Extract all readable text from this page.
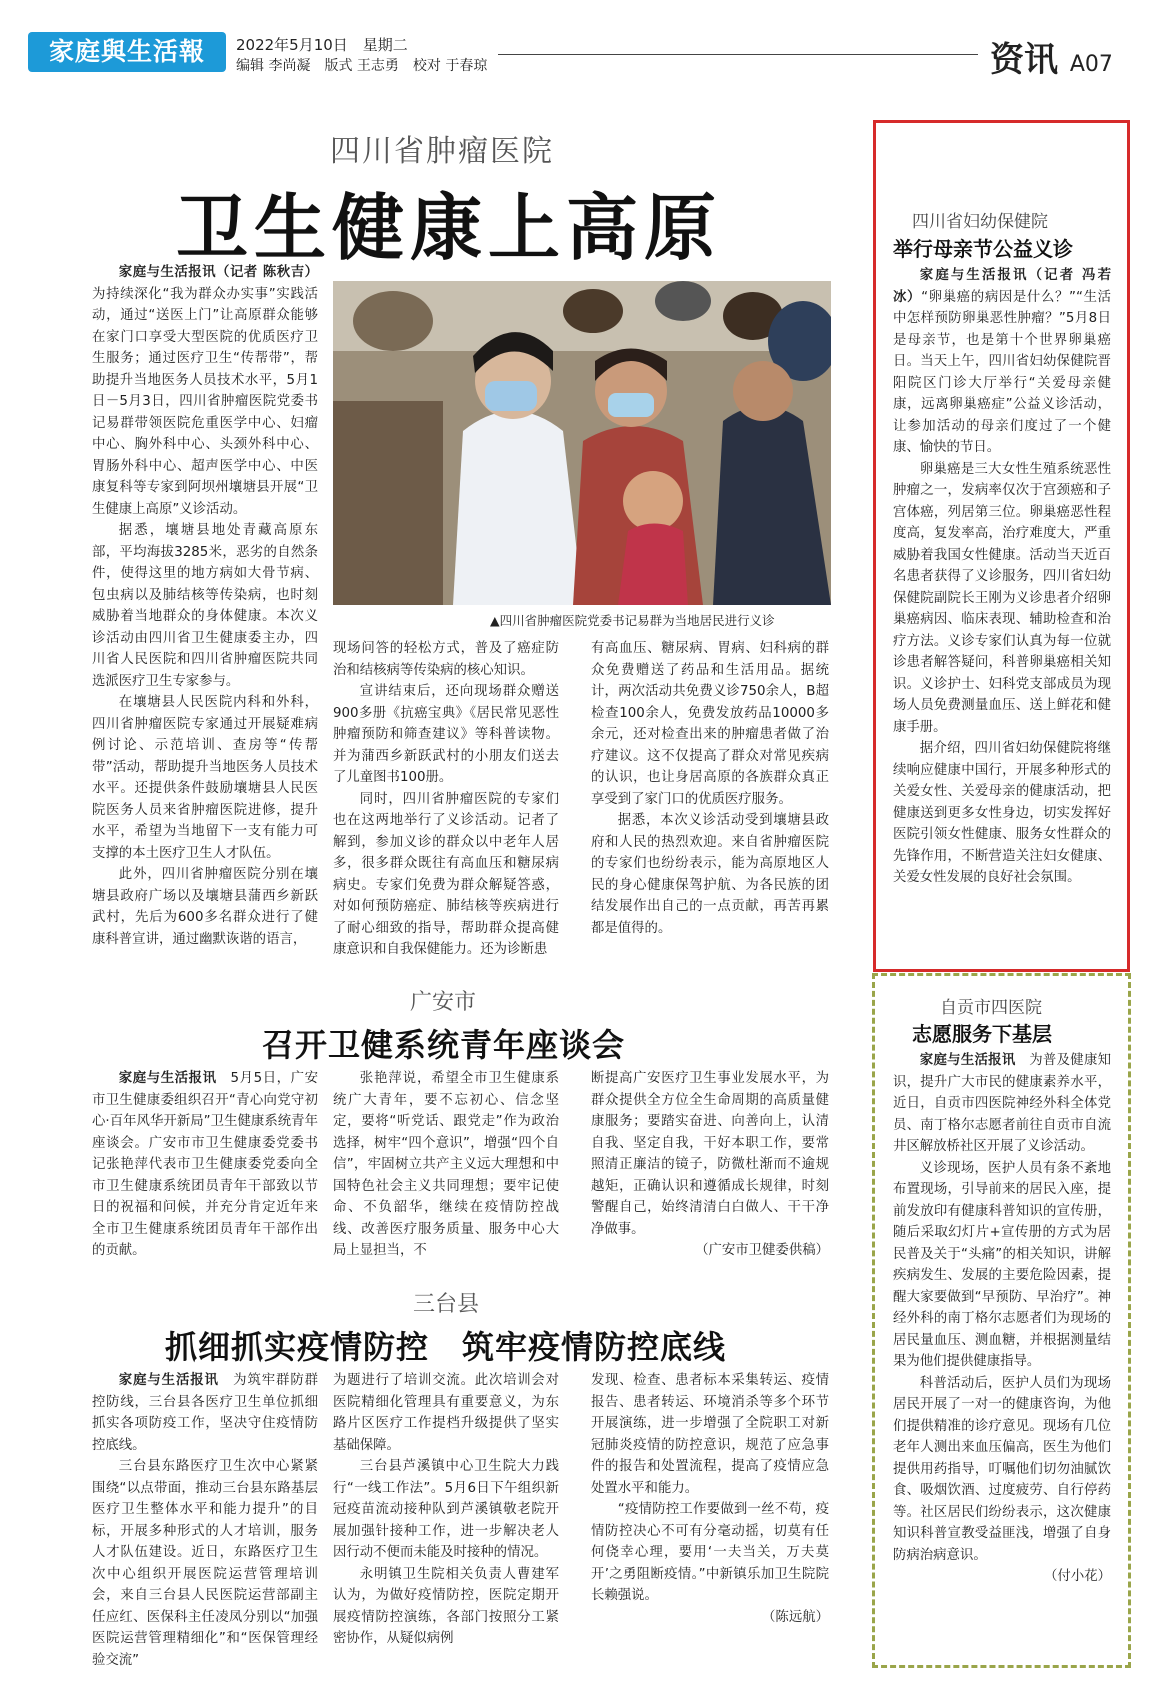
家庭與生活報	2022年5月10日　星期二
编辑 李尚凝　版式 王志勇　校对 于春琼	资讯 A07
四川省肿瘤医院
卫生健康上高原

家庭与生活报讯（记者 陈秋吉）为持续深化“我为群众办实事”实践活动，通过“送医上门”让高原群众能够在家门口享受大型医院的优质医疗卫生服务；通过医疗卫生“传帮带”，帮助提升当地医务人员技术水平，5月1日－5月3日，四川省肿瘤医院党委书记易群带领医院危重医学中心、妇瘤中心、胸外科中心、头颈外科中心、胃肠外科中心、超声医学中心、中医康复科等专家到阿坝州壤塘县开展“卫生健康上高原”义诊活动。

据悉，壤塘县地处青藏高原东部，平均海拔3285米，恶劣的自然条件，使得这里的地方病如大骨节病、包虫病以及肺结核等传染病，也时刻威胁着当地群众的身体健康。本次义诊活动由四川省卫生健康委主办，四川省人民医院和四川省肿瘤医院共同选派医疗卫生专家参与。

在壤塘县人民医院内科和外科，四川省肿瘤医院专家通过开展疑难病例讨论、示范培训、查房等“传帮带”活动，帮助提升当地医务人员技术水平。还提供条件鼓励壤塘县人民医院医务人员来省肿瘤医院进修，提升水平，希望为当地留下一支有能力可支撑的本土医疗卫生人才队伍。

此外，四川省肿瘤医院分别在壤塘县政府广场以及壤塘县蒲西乡新跃武村，先后为600多名群众进行了健康科普宣讲，通过幽默诙谐的语言，

▲四川省肿瘤医院党委书记易群为当地居民进行义诊

现场问答的轻松方式，普及了癌症防治和结核病等传染病的核心知识。

宣讲结束后，还向现场群众赠送900多册《抗癌宝典》《居民常见恶性肿瘤预防和筛查建议》等科普读物。并为蒲西乡新跃武村的小朋友们送去了儿童图书100册。

同时，四川省肿瘤医院的专家们也在这两地举行了义诊活动。记者了解到，参加义诊的群众以中老年人居多，很多群众既往有高血压和糖尿病病史。专家们免费为群众解疑答惑，对如何预防癌症、肺结核等疾病进行了耐心细致的指导，帮助群众提高健康意识和自我保健能力。还为诊断患

有高血压、糖尿病、胃病、妇科病的群众免费赠送了药品和生活用品。据统计，两次活动共免费义诊750余人，B超检查100余人，免费发放药品10000多余元，还对检查出来的肿瘤患者做了治疗建议。这不仅提高了群众对常见疾病的认识，也让身居高原的各族群众真正享受到了家门口的优质医疗服务。

据悉，本次义诊活动受到壤塘县政府和人民的热烈欢迎。来自省肿瘤医院的专家们也纷纷表示，能为高原地区人民的身心健康保驾护航、为各民族的团结发展作出自己的一点贡献，再苦再累都是值得的。

四川省妇幼保健院
举行母亲节公益义诊

家庭与生活报讯（记者 冯若冰）“卵巢癌的病因是什么？”“生活中怎样预防卵巢恶性肿瘤？”5月8日是母亲节，也是第十个世界卵巢癌日。当天上午，四川省妇幼保健院晋阳院区门诊大厅举行“关爱母亲健康，远离卵巢癌症”公益义诊活动，让参加活动的母亲们度过了一个健康、愉快的节日。

卵巢癌是三大女性生殖系统恶性肿瘤之一，发病率仅次于宫颈癌和子宫体癌，列居第三位。卵巢癌恶性程度高，复发率高，治疗难度大，严重威胁着我国女性健康。活动当天近百名患者获得了义诊服务，四川省妇幼保健院副院长王刚为义诊患者介绍卵巢癌病因、临床表现、辅助检查和治疗方法。义诊专家们认真为每一位就诊患者解答疑问，科普卵巢癌相关知识。义诊护士、妇科党支部成员为现场人员免费测量血压、送上鲜花和健康手册。

据介绍，四川省妇幼保健院将继续响应健康中国行，开展多种形式的关爱女性、关爱母亲的健康活动，把健康送到更多女性身边，切实发挥好医院引领女性健康、服务女性群众的先锋作用，不断营造关注妇女健康、关爱女性发展的良好社会氛围。

自贡市四医院
志愿服务下基层

家庭与生活报讯　 为普及健康知识，提升广大市民的健康素养水平，近日，自贡市四医院神经外科全体党员、南丁格尔志愿者前往自贡市自流井区解放桥社区开展了义诊活动。

义诊现场，医护人员有条不紊地布置现场，引导前来的居民入座，提前发放印有健康科普知识的宣传册，随后采取幻灯片+宣传册的方式为居民普及关于“头痛”的相关知识，讲解疾病发生、发展的主要危险因素，提醒大家要做到“早预防、早治疗”。神经外科的南丁格尔志愿者们为现场的居民量血压、测血糖，并根据测量结果为他们提供健康指导。

科普活动后，医护人员们为现场居民开展了一对一的健康咨询，为他们提供精准的诊疗意见。现场有几位老年人测出来血压偏高，医生为他们提供用药指导，叮嘱他们切勿油腻饮食、吸烟饮酒、过度疲劳、自行停药等。社区居民们纷纷表示，这次健康知识科普宣教受益匪浅，增强了自身防病治病意识。

（付小花）
广安市
召开卫健系统青年座谈会

家庭与生活报讯　 5月5日，广安市卫生健康委组织召开“青心向党守初心·百年风华开新局”卫生健康系统青年座谈会。广安市市卫生健康委党委书记张艳萍代表市卫生健康委党委向全市卫生健康系统团员青年干部致以节日的祝福和问候，并充分肯定近年来全市卫生健康系统团员青年干部作出的贡献。

张艳萍说，希望全市卫生健康系统广大青年，要不忘初心、信念坚定，要将“听党话、跟党走”作为政治选择，树牢“四个意识”，增强“四个自信”，牢固树立共产主义远大理想和中国特色社会主义共同理想；要牢记使命、不负韶华，继续在疫情防控战线、改善医疗服务质量、服务中心大局上显担当，不

断提高广安医疗卫生事业发展水平，为群众提供全方位全生命周期的高质量健康服务；要踏实奋进、向善向上，认清自我、坚定自我，干好本职工作，要常照清正廉洁的镜子，防微杜渐而不逾规越矩，正确认识和遵循成长规律，时刻警醒自己，始终清清白白做人、干干净净做事。

（广安市卫健委供稿）
三台县
抓细抓实疫情防控　筑牢疫情防控底线

家庭与生活报讯　 为筑牢群防群控防线，三台县各医疗卫生单位抓细抓实各项防疫工作，坚决守住疫情防控底线。

三台县东路医疗卫生次中心紧紧围绕“以点带面，推动三台县东路基层医疗卫生整体水平和能力提升”的目标，开展多种形式的人才培训，服务人才队伍建设。近日，东路医疗卫生次中心组织开展医院运营管理培训会，来自三台县人民医院运营部副主任应红、医保科主任凌凤分别以“加强医院运营管理精细化”和“医保管理经验交流”

为题进行了培训交流。此次培训会对医院精细化管理具有重要意义，为东路片区医疗工作提档升级提供了坚实基础保障。

三台县芦溪镇中心卫生院大力践行“一线工作法”。5月6日下午组织新冠疫苗流动接种队到芦溪镇敬老院开展加强针接种工作，进一步解决老人因行动不便而未能及时接种的情况。

永明镇卫生院相关负责人曹建军认为，为做好疫情防控，医院定期开展疫情防控演练，各部门按照分工紧密协作，从疑似病例

发现、检查、患者标本采集转运、疫情报告、患者转运、环境消杀等多个环节开展演练，进一步增强了全院职工对新冠肺炎疫情的防控意识，规范了应急事件的报告和处置流程，提高了疫情应急处置水平和能力。

“疫情防控工作要做到一丝不苟，疫情防控决心不可有分毫动摇，切莫有任何侥幸心理，要用‘一夫当关，万夫莫开’之勇阻断疫情。”中新镇乐加卫生院院长赖强说。

（陈远航）
